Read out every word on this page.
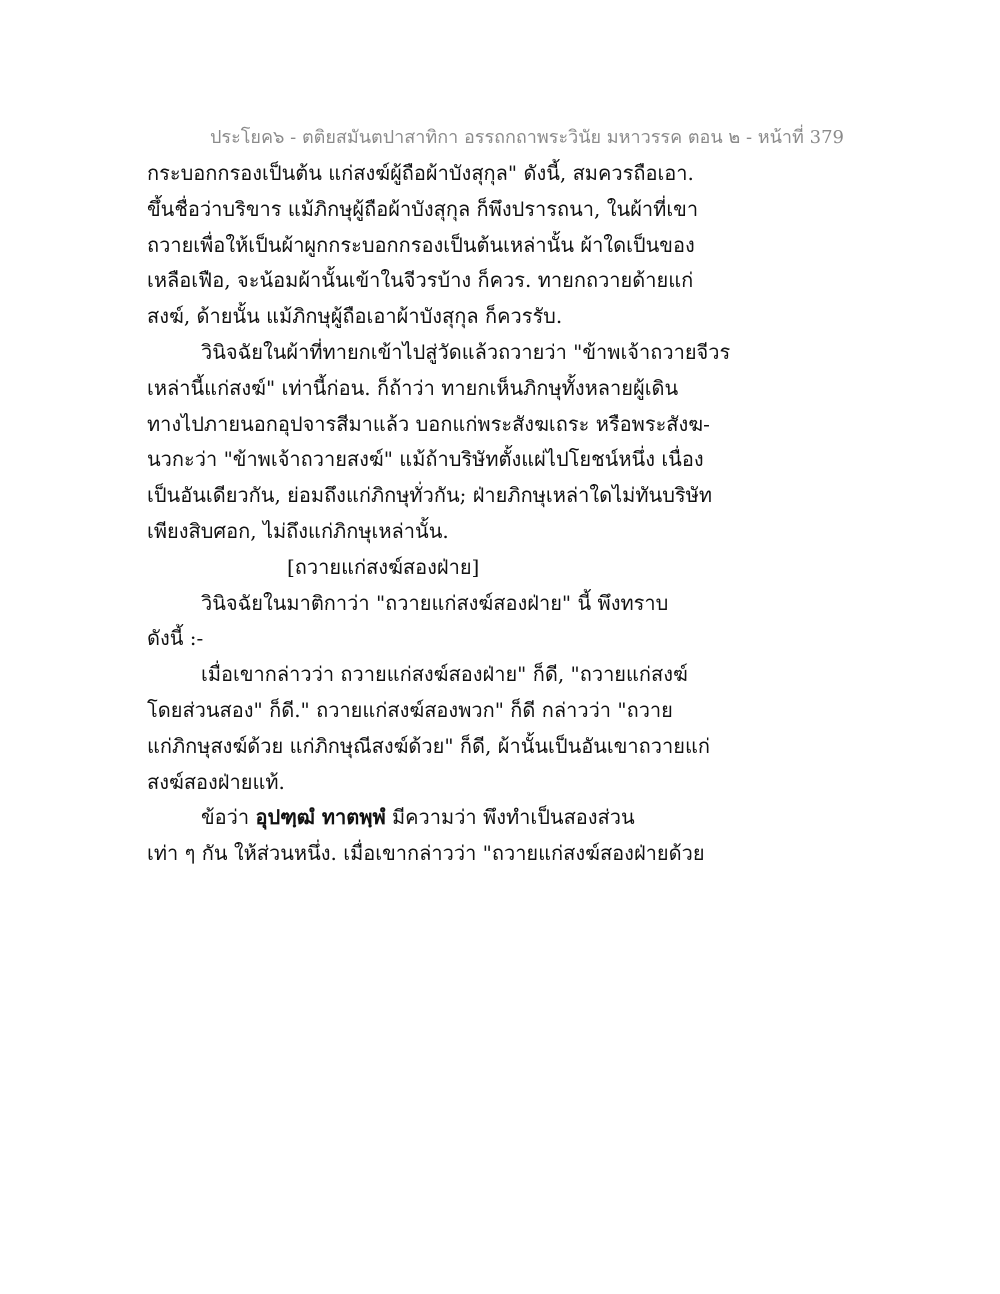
ประโยค๖ - ตติยสมันตปาสาทิกา อรรถกถาพระวินัย มหาวรรค ตอน ๒ - หน้าที่ 379
กระบอกกรองเป็นต้น แก่สงฆ์ผู้ถือผ้าบังสุกุล" ดังนี้, สมควรถือเอา.
ขึ้นชื่อว่าบริขาร แม้ภิกษุผู้ถือผ้าบังสุกุล ก็พึงปรารถนา, ในผ้าที่เขา
ถวายเพื่อให้เป็นผ้าผูกกระบอกกรองเป็นต้นเหล่านั้น ผ้าใดเป็นของ
เหลือเฟือ, จะน้อมผ้านั้นเข้าในจีวรบ้าง ก็ควร. ทายกถวายด้ายแก่
สงฆ์, ด้ายนั้น แม้ภิกษุผู้ถือเอาผ้าบังสุกุล ก็ควรรับ.
วินิจฉัยในผ้าที่ทายกเข้าไปสู่วัดแล้วถวายว่า "ข้าพเจ้าถวายจีวร
เหล่านี้แก่สงฆ์" เท่านี้ก่อน. ก็ถ้าว่า ทายกเห็นภิกษุทั้งหลายผู้เดิน
ทางไปภายนอกอุปจารสีมาแล้ว บอกแก่พระสังฆเถระ หรือพระสังฆ-
นวกะว่า "ข้าพเจ้าถวายสงฆ์" แม้ถ้าบริษัทตั้งแผ่ไปโยชน์หนึ่ง เนื่อง
เป็นอันเดียวกัน, ย่อมถึงแก่ภิกษุทั่วกัน; ฝ่ายภิกษุเหล่าใดไม่ทันบริษัท
เพียงสิบศอก, ไม่ถึงแก่ภิกษุเหล่านั้น.
[ถวายแก่สงฆ์สองฝ่าย]
วินิจฉัยในมาติกาว่า "ถวายแก่สงฆ์สองฝ่าย" นี้ พึงทราบ
ดังนี้ :-
เมื่อเขากล่าวว่า ถวายแก่สงฆ์สองฝ่าย" ก็ดี, "ถวายแก่สงฆ์
โดยส่วนสอง" ก็ดี." ถวายแก่สงฆ์สองพวก" ก็ดี กล่าวว่า "ถวาย
แก่ภิกษุสงฆ์ด้วย แก่ภิกษุณีสงฆ์ด้วย" ก็ดี, ผ้านั้นเป็นอันเขาถวายแก่
สงฆ์สองฝ่ายแท้.
ข้อว่า อุปฑฺฒํ ทาตพฺพํ มีความว่า พึงทำเป็นสองส่วน
เท่า ๆ กัน ให้ส่วนหนึ่ง. เมื่อเขากล่าวว่า "ถวายแก่สงฆ์สองฝ่ายด้วย
